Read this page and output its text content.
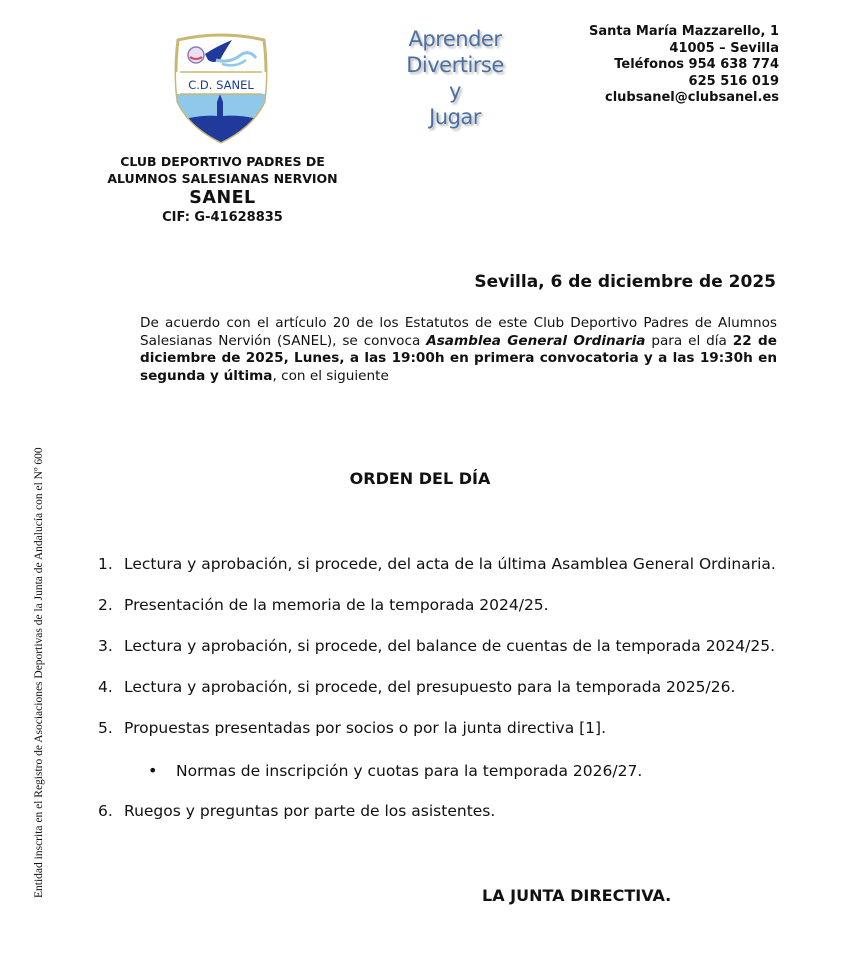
C.D. SANEL
Aprender
Divertirse
y
Jugar
Santa María Mazzarello, 1
41005 – Sevilla
Teléfonos 954 638 774
625 516 019
clubsanel@clubsanel.es
CLUB DEPORTIVO PADRES DE
ALUMNOS SALESIANAS NERVION
SANEL
CIF: G-41628835
Sevilla, 6 de diciembre de 2025
De acuerdo con el artículo 20 de los Estatutos de este Club Deportivo Padres de Alumnos Salesianas Nervión (SANEL), se convoca Asamblea General Ordinaria para el día 22 de diciembre de 2025, Lunes, a las 19:00h en primera convocatoria y a las 19:30h en segunda y última, con el siguiente
ORDEN DEL DÍA
1. Lectura y aprobación, si procede, del acta de la última Asamblea General Ordinaria.
2. Presentación de la memoria de la temporada 2024/25.
3. Lectura y aprobación, si procede, del balance de cuentas de la temporada 2024/25.
4. Lectura y aprobación, si procede, del presupuesto para la temporada 2025/26.
5. Propuestas presentadas por socios o por la junta directiva [1].
• Normas de inscripción y cuotas para la temporada 2026/27.
6. Ruegos y preguntas por parte de los asistentes.
LA JUNTA DIRECTIVA.
Entidad inscrita en el Registro de Asociaciones Deportivas de la Junta de Andalucía con el Nº 600
